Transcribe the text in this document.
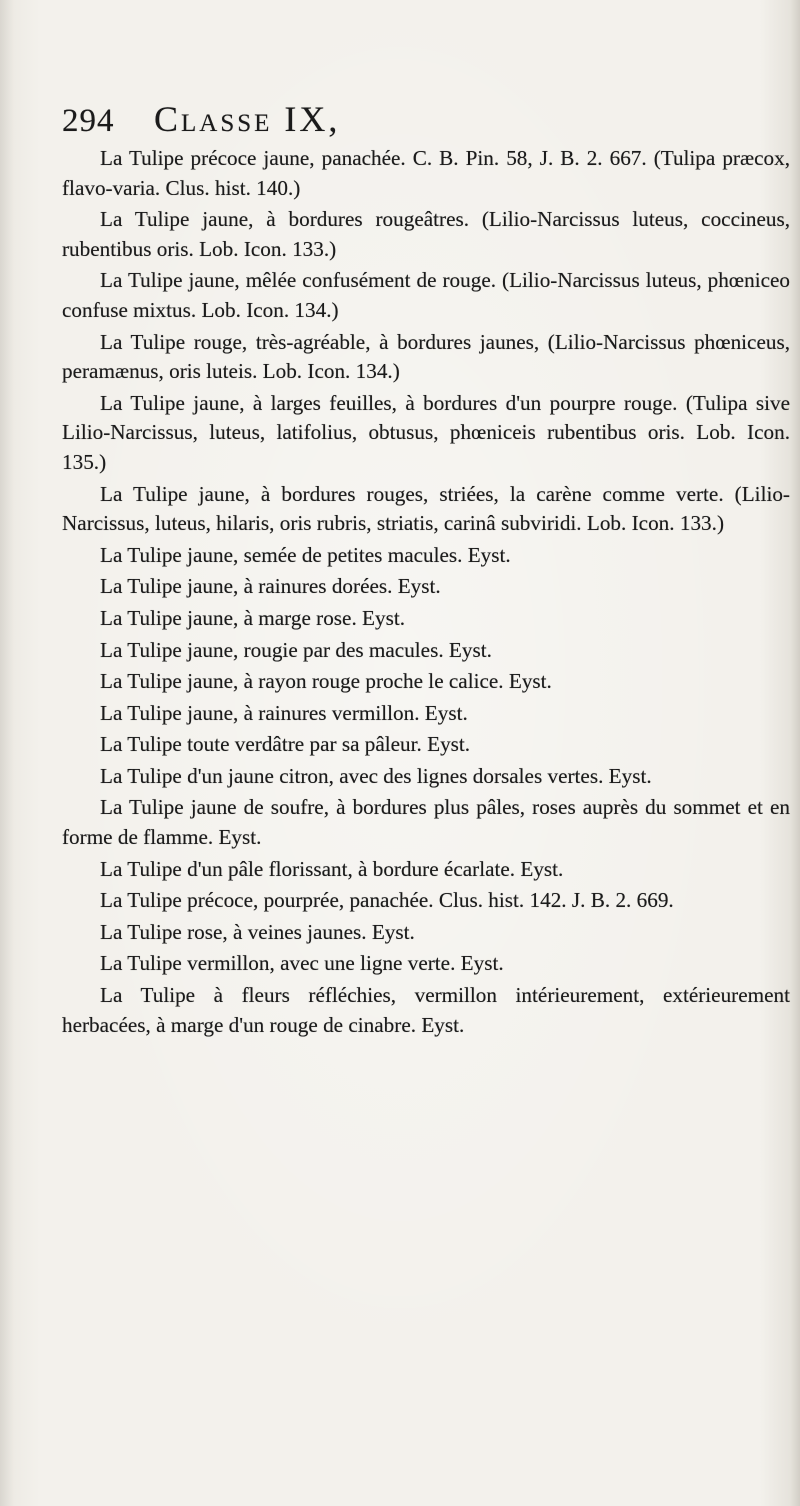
294	Classe IX,
La Tulipe précoce jaune, panachée. C. B. Pin. 58, J. B. 2. 667. (Tulipa præcox, flavo-varia. Clus. hist. 140.)
La Tulipe jaune, à bordures rougeâtres. (Lilio-Narcissus luteus, coccineus, rubentibus oris. Lob. Icon. 133.)
La Tulipe jaune, mêlée confusément de rouge. (Lilio-Narcissus luteus, phœniceo confuse mixtus. Lob. Icon. 134.)
La Tulipe rouge, très-agréable, à bordures jaunes, (Lilio-Narcissus phœniceus, peramænus, oris luteis. Lob. Icon. 134.)
La Tulipe jaune, à larges feuilles, à bordures d'un pourpre rouge. (Tulipa sive Lilio-Narcissus, luteus, latifolius, obtusus, phœniceis rubentibus oris. Lob. Icon. 135.)
La Tulipe jaune, à bordures rouges, striées, la carène comme verte. (Lilio-Narcissus, luteus, hilaris, oris rubris, striatis, carinâ subviridi. Lob. Icon. 133.)
La Tulipe jaune, semée de petites macules. Eyst.
La Tulipe jaune, à rainures dorées. Eyst.
La Tulipe jaune, à marge rose. Eyst.
La Tulipe jaune, rougie par des macules. Eyst.
La Tulipe jaune, à rayon rouge proche le calice. Eyst.
La Tulipe jaune, à rainures vermillon. Eyst.
La Tulipe toute verdâtre par sa pâleur. Eyst.
La Tulipe d'un jaune citron, avec des lignes dorsales vertes. Eyst.
La Tulipe jaune de soufre, à bordures plus pâles, roses auprès du sommet et en forme de flamme. Eyst.
La Tulipe d'un pâle florissant, à bordure écarlate. Eyst.
La Tulipe précoce, pourprée, panachée. Clus. hist. 142. J. B. 2. 669.
La Tulipe rose, à veines jaunes. Eyst.
La Tulipe vermillon, avec une ligne verte. Eyst.
La Tulipe à fleurs réfléchies, vermillon intérieurement, extérieurement herbacées, à marge d'un rouge de cinabre. Eyst.
